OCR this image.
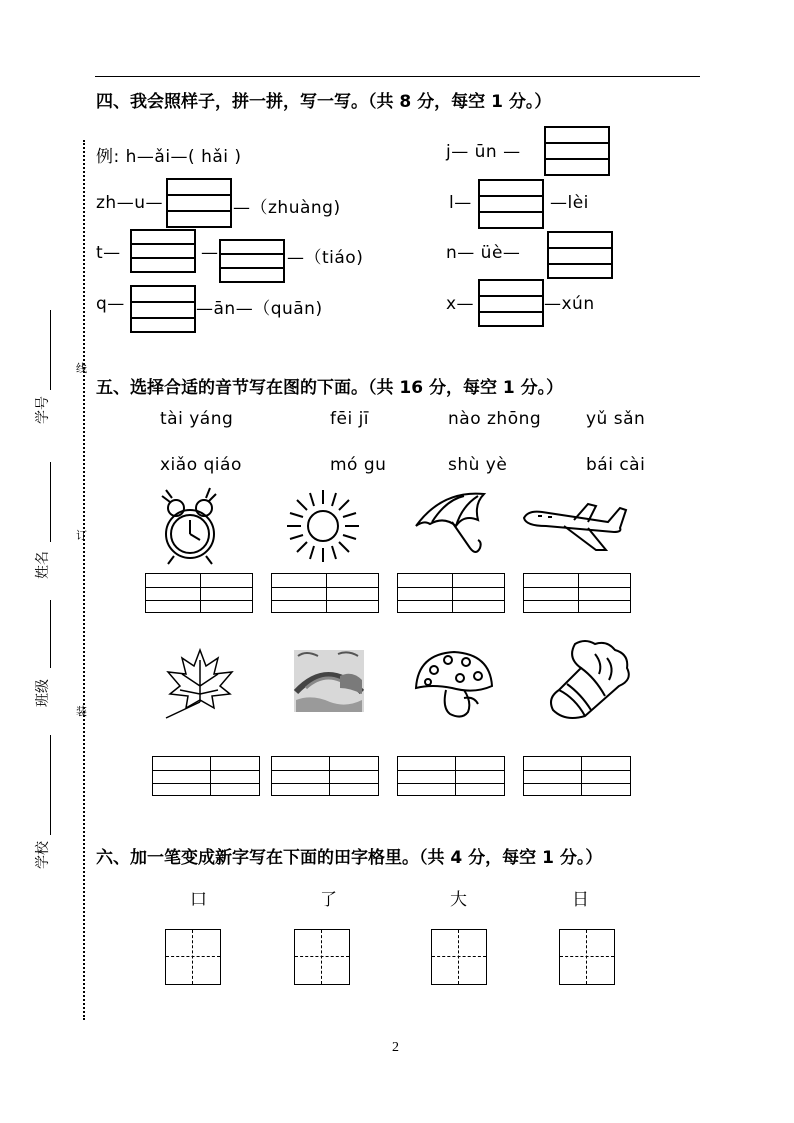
线
订
装
学号
姓名
班级
学校
四、我会照样子，拼一拼，写一写。（共 8 分，每空 1 分。）
例: h—ǎi—( hǎi )	j— ūn —
zh—u—	—（zhuàng)	l—	—lèi
t—	—	—（tiáo)	n— üè—
q—	—ān—（quān)	x—	—xún
五、选择合适的音节写在图的下面。（共 16 分，每空 1 分。）
tài yáng	fēi jī	nào zhōng	yǔ sǎn
xiǎo qiáo	mó gu	shù yè	bái cài
六、加一笔变成新字写在下面的田字格里。（共 4 分，每空 1 分。）
口	了	大	日
2
